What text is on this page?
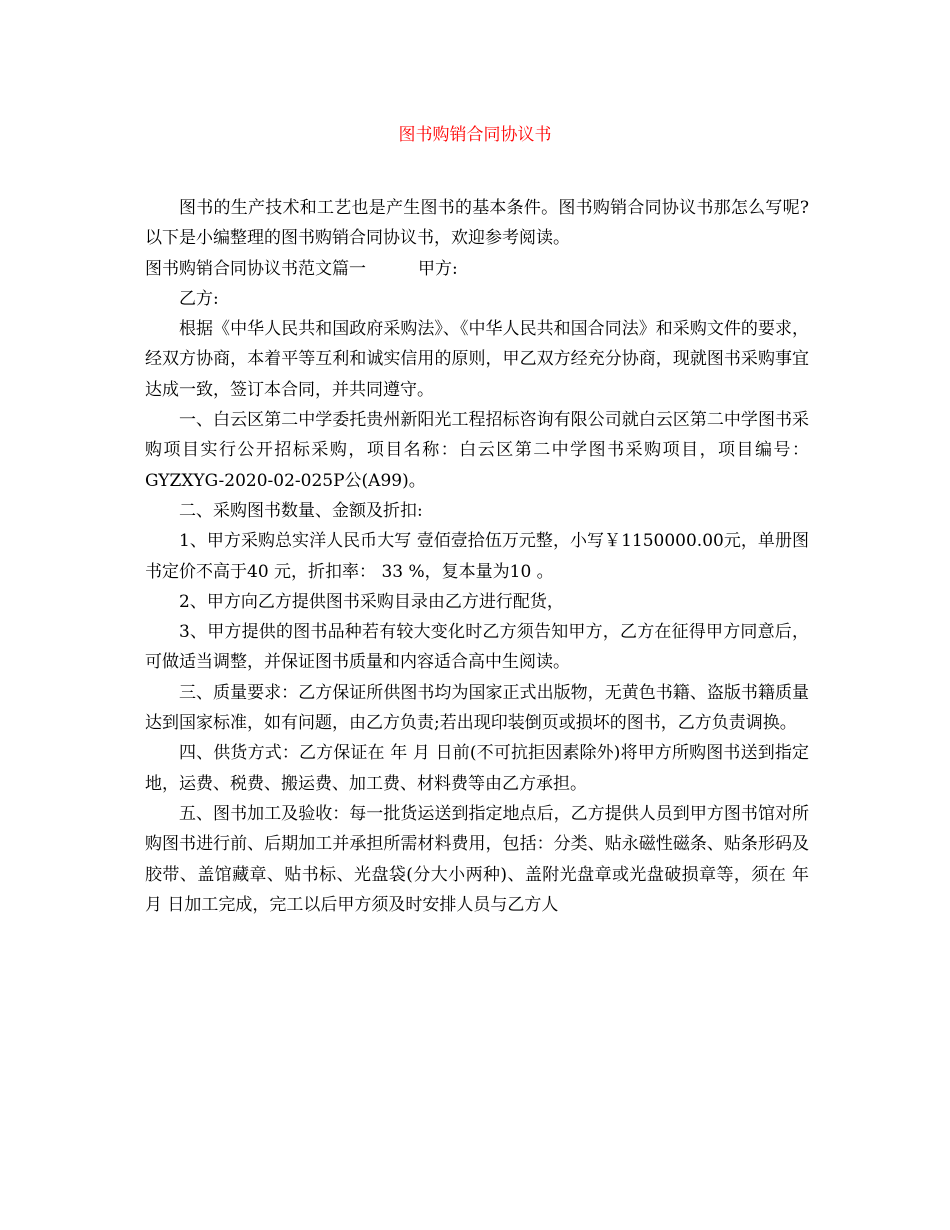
图书购销合同协议书

图书的生产技术和工艺也是产生图书的基本条件。图书购销合同协议书那怎么写呢?以下是小编整理的图书购销合同协议书，欢迎参考阅读。

图书购销合同协议书范文篇一	甲方:

乙方:

根据《中华人民共和国政府采购法》、《中华人民共和国合同法》和采购文件的要求，经双方协商，本着平等互利和诚实信用的原则，甲乙双方经充分协商，现就图书采购事宜达成一致，签订本合同，并共同遵守。

一、白云区第二中学委托贵州新阳光工程招标咨询有限公司就白云区第二中学图书采购项目实行公开招标采购，项目名称：白云区第二中学图书采购项目，项目编号：GYZXYG-2020-02-025P公(A99)。

二、采购图书数量、金额及折扣:

1、甲方采购总实洋人民币大写 壹佰壹拾伍万元整，小写￥1150000.00元，单册图书定价不高于40 元，折扣率： 33 %，复本量为10 。

2、甲方向乙方提供图书采购目录由乙方进行配货，

3、甲方提供的图书品种若有较大变化时乙方须告知甲方，乙方在征得甲方同意后，可做适当调整，并保证图书质量和内容适合高中生阅读。

三、质量要求：乙方保证所供图书均为国家正式出版物，无黄色书籍、盗版书籍质量达到国家标准，如有问题，由乙方负责;若出现印装倒页或损坏的图书，乙方负责调换。

四、供货方式：乙方保证在 年 月 日前(不可抗拒因素除外)将甲方所购图书送到指定地，运费、税费、搬运费、加工费、材料费等由乙方承担。

五、图书加工及验收：每一批货运送到指定地点后，乙方提供人员到甲方图书馆对所购图书进行前、后期加工并承担所需材料费用，包括：分类、贴永磁性磁条、贴条形码及胶带、盖馆藏章、贴书标、光盘袋(分大小两种)、盖附光盘章或光盘破损章等，须在 年 月 日加工完成，完工以后甲方须及时安排人员与乙方人
